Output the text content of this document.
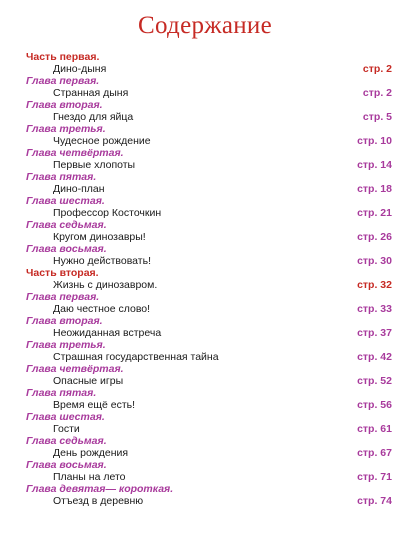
Содержание
Часть первая.
Дино-дыня	стр. 2
Глава первая.
Странная дыня	стр. 2
Глава вторая.
Гнездо для яйца	стр. 5
Глава третья.
Чудесное рождение	стр. 10
Глава четвёртая.
Первые хлопоты	стр. 14
Глава пятая.
Дино-план	стр. 18
Глава шестая.
Профессор Косточкин	стр. 21
Глава седьмая.
Кругом динозавры!	стр. 26
Глава восьмая.
Нужно действовать!	стр. 30
Часть вторая.
Жизнь с динозавром.	стр. 32
Глава первая.
Даю честное слово!	стр. 33
Глава вторая.
Неожиданная встреча	стр. 37
Глава третья.
Страшная государственная тайна	стр. 42
Глава четвёртая.
Опасные игры	стр. 52
Глава пятая.
Время ещё есть!	стр. 56
Глава шестая.
Гости	стр. 61
Глава седьмая.
День рождения	стр. 67
Глава восьмая.
Планы на лето	стр. 71
Глава девятая— короткая.
Отъезд в деревню	стр. 74
